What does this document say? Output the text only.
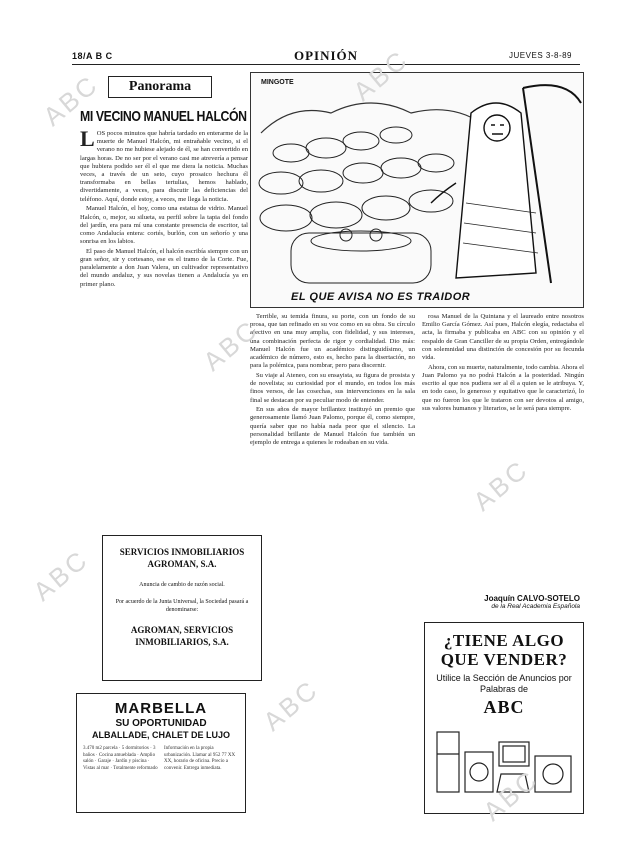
18/A B C	OPINIÓN	JUEVES 3-8-89
Panorama
MI VECINO MANUEL HALCÓN

LOS pocos minutos que habría tardado en enterarme de la muerte de Manuel Halcón, mi entrañable vecino, si el verano no me hubiese alejado de él, se han convertido en largas horas. De no ser por el verano casi me atrevería a pensar que hubiera podido ser él el que me diera la noticia. Muchas veces, a través de un seto, cuyo prosaico hechura él transformaba en bellas tertulias, hemos hablado, divertidamente, a veces, para discutir las deficiencias del teléfono. Aquí, donde estoy, a veces, me llega la noticia.

Manuel Halcón, el hoy, como una estatua de vidrio. Manuel Halcón, o, mejor, su silueta, su perfil sobre la tapia del fondo del jardín, era para mí una constante presencia de escritor, tal como Andalucía entera: cortés, burlón, con un señorío y una sonrisa en los labios.

El paso de Manuel Halcón, el halcón escribía siempre con un gran señor, sir y cortesano, ese es el tramo de la Corte. Fue, paralelamente a don Juan Valera, un cultivador representativo del mundo andaluz, y sus novelas tienen a Andalucía ya en primer plano.

MINGOTE
EL QUE AVISA NO ES TRAIDOR

Terrible, su temida finura, su porte, con un fondo de su prosa, que tan refinado en su voz como en su obra. Su círculo afectivo en una muy amplia, con fidelidad, y sus intereses, una combinación perfecta de rigor y cordialidad. Dio más: Manuel Halcón fue un académico distinguidísimo, un académico de número, esto es, hecho para la disertación, no para la polémica, para nombrar, pero para discernir.

Su viaje al Ateneo, con su ensayista, su figura de prosista y de novelista; su curiosidad por el mundo, en todos los más finos versos, de las cosechas, sus intervenciones en la sala final se destacan por su peculiar modo de entender.

En sus años de mayor brillantez instituyó un premio que generosamente llamó Juan Palomo, porque él, como siempre, quería saber que no había nada peor que el silencio. La personalidad brillante de Manuel Halcón fue también un ejemplo de entrega a quienes le rodeaban en su vida.

rosa Manuel de la Quintana y el laureado entre nosotros Emilio García Gómez. Así pues, Halcón elegía, redactaba el acta, la firmaba y publicaba en ABC con su opinión y el respaldo de Gran Canciller de su propia Orden, entregándole con solemnidad una distinción de concesión por su fecunda vida.

Ahora, con su muerte, naturalmente, todo cambia. Ahora el Juan Palomo ya no podrá Halcón a la posteridad. Ningún escrito al que nos pudiera ser al él a quien se le atribuya. Y, en todo caso, lo generoso y equitativo que le caracterizó, lo que no fueron los que le trataron con ser devotos al amigo, sus valores humanos y literarios, se le será para siempre.

Joaquín CALVO-SOTELO
de la Real Academia Española
SERVICIOS INMOBILIARIOS AGROMAN, S.A.
Anuncia de cambio de razón social.
Por acuerdo de la Junta Universal, la Sociedad pasará a denominarse:
AGROMAN, SERVICIOS INMOBILIARIOS, S.A.
MARBELLA
SU OPORTUNIDAD
ALBALLADE, CHALET DE LUJO
3.470 m2 parcela · 5 dormitorios · 3 baños · Cocina amueblada · Amplio salón · Garaje · Jardín y piscina · Vistas al mar · Totalmente reformado
Información en la propia urbanización. Llamar al 952 77 XX XX, horario de oficina. Precio a convenir. Entrega inmediata.
¿TIENE ALGO QUE VENDER?
Utilice la Sección de Anuncios por Palabras de
ABC
ABC	ABC
ABC
ABC
ABC
ABC
ABC
